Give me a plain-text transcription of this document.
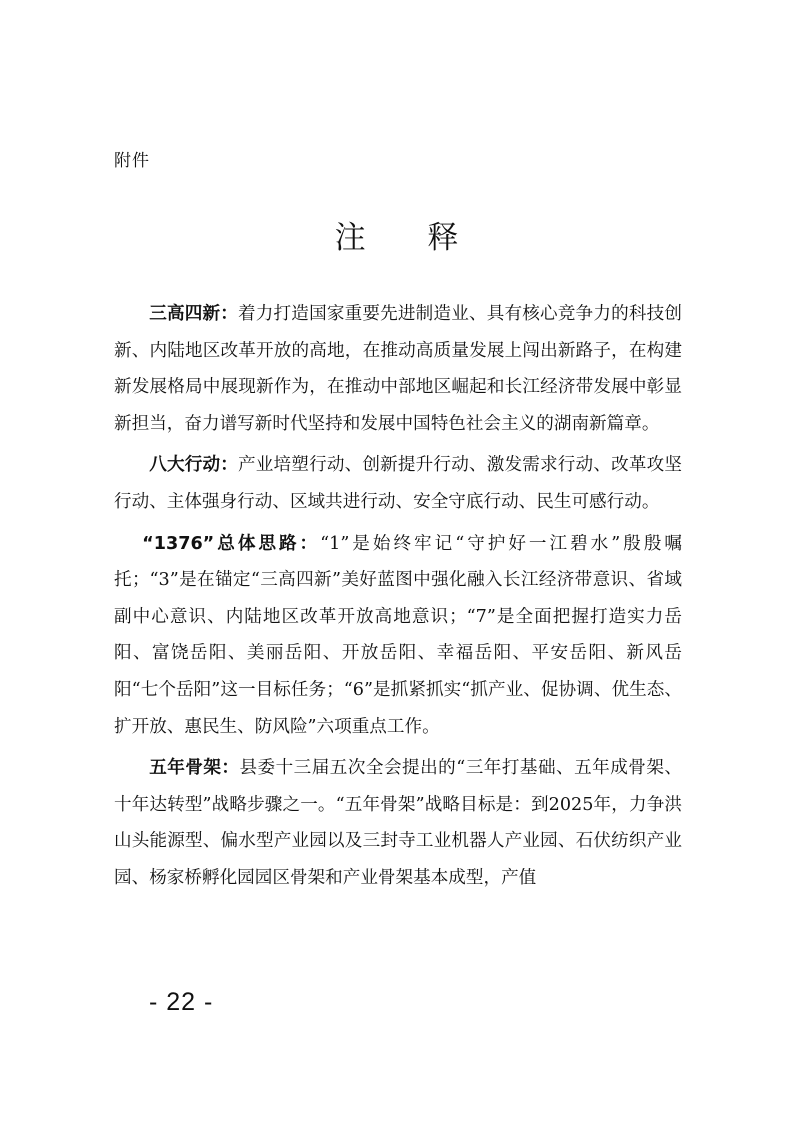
附件
注 释

三高四新：着力打造国家重要先进制造业、具有核心竞争力的科技创新、内陆地区改革开放的高地，在推动高质量发展上闯出新路子，在构建新发展格局中展现新作为，在推动中部地区崛起和长江经济带发展中彰显新担当，奋力谱写新时代坚持和发展中国特色社会主义的湖南新篇章。

八大行动：产业培塑行动、创新提升行动、激发需求行动、改革攻坚行动、主体强身行动、区域共进行动、安全守底行动、民生可感行动。

“1376”总体思路：“1”是始终牢记“守护好一江碧水”殷殷嘱托；“3”是在锚定“三高四新”美好蓝图中强化融入长江经济带意识、省域副中心意识、内陆地区改革开放高地意识；“7”是全面把握打造实力岳阳、富饶岳阳、美丽岳阳、开放岳阳、幸福岳阳、平安岳阳、新风岳阳“七个岳阳”这一目标任务；“6”是抓紧抓实“抓产业、促协调、优生态、扩开放、惠民生、防风险”六项重点工作。

五年骨架：县委十三届五次全会提出的“三年打基础、五年成骨架、十年达转型”战略步骤之一。“五年骨架”战略目标是：到2025年，力争洪山头能源型、偏水型产业园以及三封寺工业机器人产业园、石伏纺织产业园、杨家桥孵化园园区骨架和产业骨架基本成型，产值

- 22 -
